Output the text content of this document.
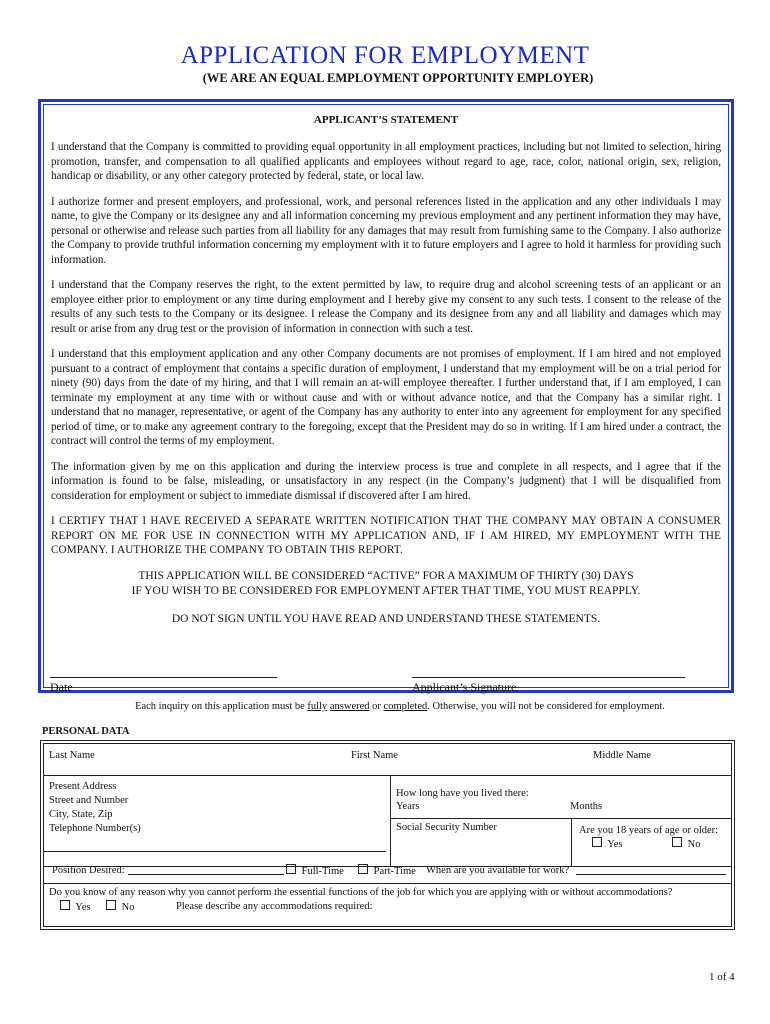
APPLICATION FOR EMPLOYMENT
(WE ARE AN EQUAL EMPLOYMENT OPPORTUNITY EMPLOYER)
APPLICANT’S STATEMENT

I understand that the Company is committed to providing equal opportunity in all employment practices, including but not limited to selection, hiring promotion, transfer, and compensation to all qualified applicants and employees without regard to age, race, color, national origin, sex, religion, handicap or disability, or any other category protected by federal, state, or local law.

I authorize former and present employers, and professional, work, and personal references listed in the application and any other individuals I may name, to give the Company or its designee any and all information concerning my previous employment and any pertinent information they may have, personal or otherwise and release such parties from all liability for any damages that may result from furnishing same to the Company. I also authorize the Company to provide truthful information concerning my employment with it to future employers and I agree to hold it harmless for providing such information.

I understand that the Company reserves the right, to the extent permitted by law, to require drug and alcohol screening tests of an applicant or an employee either prior to employment or any time during employment and I hereby give my consent to any such tests. I consent to the release of the results of any such tests to the Company or its designee. I release the Company and its designee from any and all liability and damages which may result or arise from any drug test or the provision of information in connection with such a test.

I understand that this employment application and any other Company documents are not promises of employment. If I am hired and not employed pursuant to a contract of employment that contains a specific duration of employment, I understand that my employment will be on a trial period for ninety (90) days from the date of my hiring, and that I will remain an at-will employee thereafter. I further understand that, if I am employed, I can terminate my employment at any time with or without cause and with or without advance notice, and that the Company has a similar right. I understand that no manager, representative, or agent of the Company has any authority to enter into any agreement for employment for any specified period of time, or to make any agreement contrary to the foregoing, except that the President may do so in writing. If I am hired under a contract, the contract will control the terms of my employment.

The information given by me on this application and during the interview process is true and complete in all respects, and I agree that if the information is found to be false, misleading, or unsatisfactory in any respect (in the Company’s judgment) that I will be disqualified from consideration for employment or subject to immediate dismissal if discovered after I am hired.

I CERTIFY THAT I HAVE RECEIVED A SEPARATE WRITTEN NOTIFICATION THAT THE COMPANY MAY OBTAIN A CONSUMER REPORT ON ME FOR USE IN CONNECTION WITH MY APPLICATION AND, IF I AM HIRED, MY EMPLOYMENT WITH THE COMPANY. I AUTHORIZE THE COMPANY TO OBTAIN THIS REPORT.

THIS APPLICATION WILL BE CONSIDERED “ACTIVE” FOR A MAXIMUM OF THIRTY (30) DAYS

IF YOU WISH TO BE CONSIDERED FOR EMPLOYMENT AFTER THAT TIME, YOU MUST REAPPLY.

DO NOT SIGN UNTIL YOU HAVE READ AND UNDERSTAND THESE STATEMENTS.

Date	Applicant’s Signature
Each inquiry on this application must be fully answered or completed. Otherwise, you will not be considered for employment.
PERSONAL DATA
Last Name	First Name	Middle Name
Present Address
Street and Number
City, State, Zip
Telephone Number(s)
How long have you lived there:
Years	Months
Social Security Number	Are you 18 years of age or older:
Yes	No
Position Desired:	Full-Time	Part-Time When are you available for work?
Do you know of any reason why you cannot perform the essential functions of the job for which you are applying with or without accommodations?
Yes	No	Please describe any accommodations required:
1 of 4
